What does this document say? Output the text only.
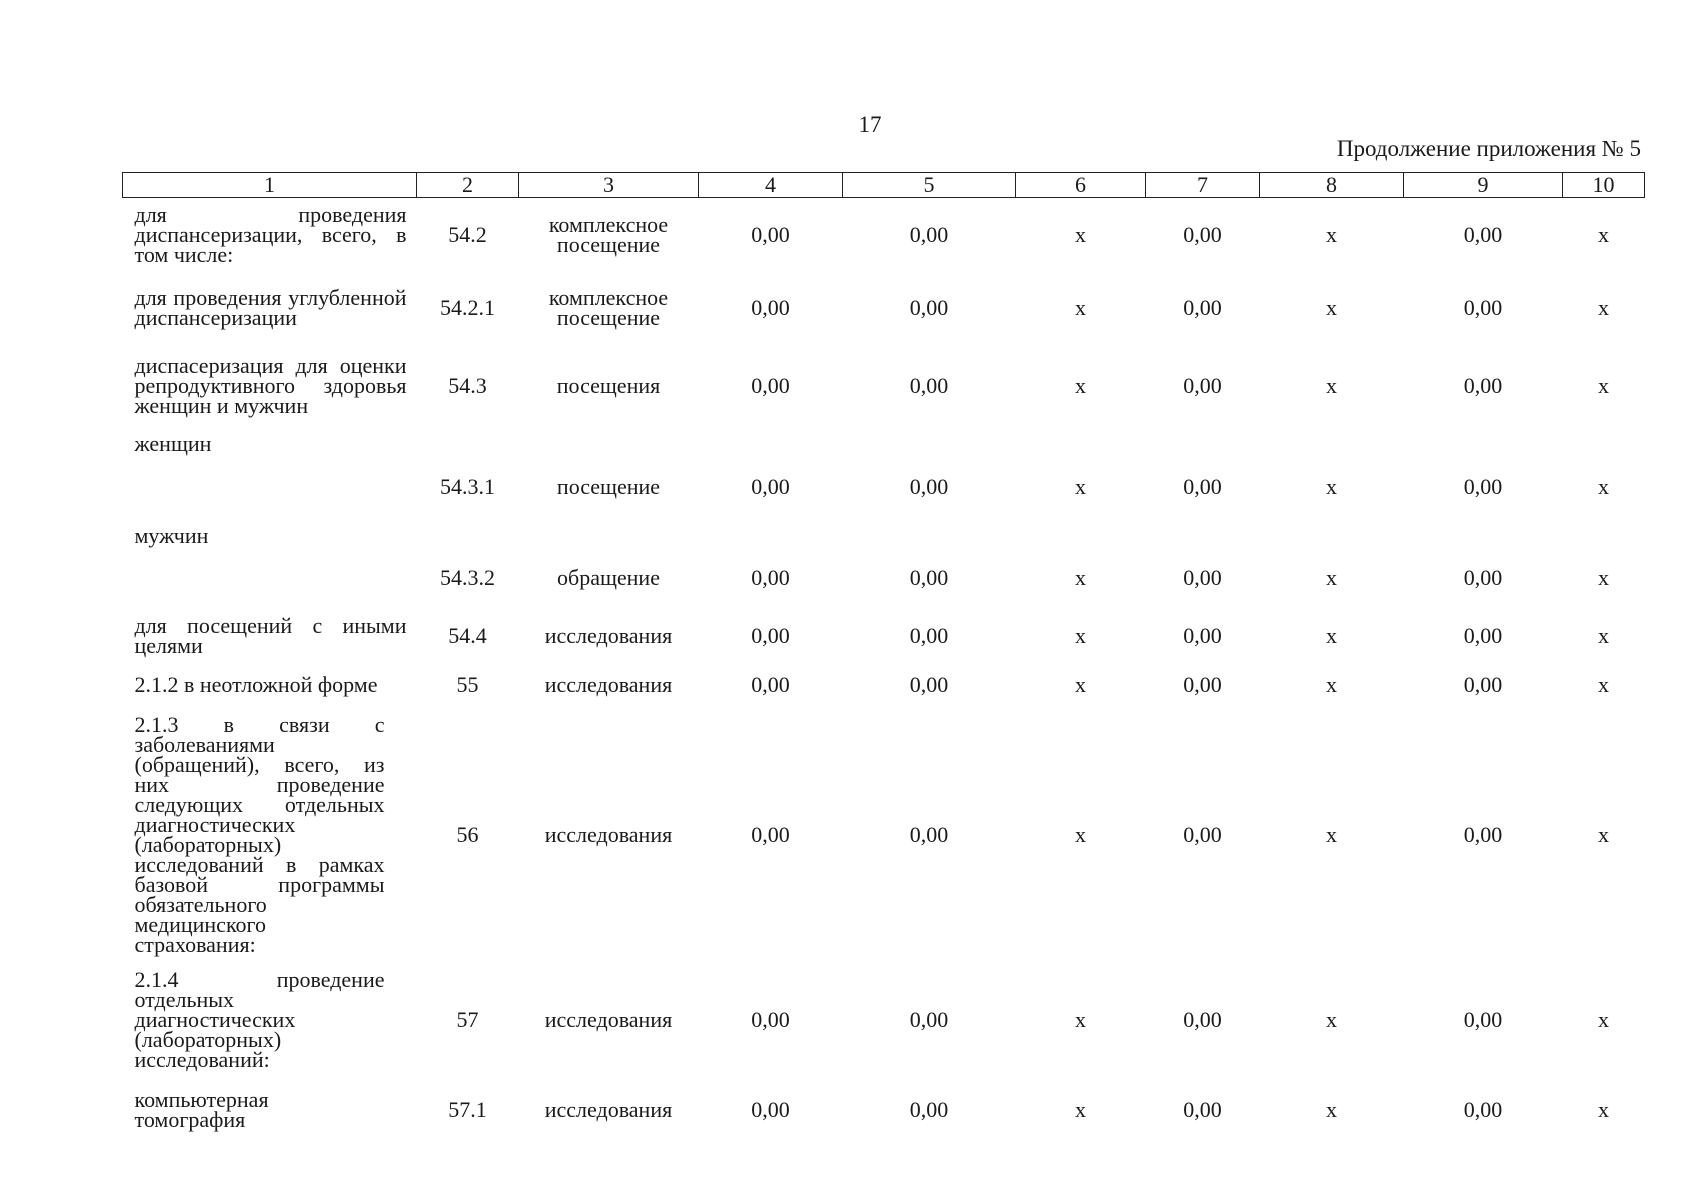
17
Продолжение приложения № 5
1	2	3	4	5	6	7	8	9	10
для проведения диспансеризации, всего, в том числе:	54.2	комплексное посещение	0,00	0,00	х	0,00	х	0,00	х
для проведения углубленной диспансеризации	54.2.1	комплексное посещение	0,00	0,00	х	0,00	х	0,00	х
диспасеризация для оценки репродуктивного здоровья женщин и мужчин	54.3	посещения	0,00	0,00	х	0,00	х	0,00	х
женщин	54.3.1	посещение	0,00	0,00	х	0,00	х	0,00	х
мужчин	54.3.2	обращение	0,00	0,00	х	0,00	х	0,00	х
для посещений с иными целями	54.4	исследования	0,00	0,00	х	0,00	х	0,00	х
2.1.2 в неотложной форме	55	исследования	0,00	0,00	х	0,00	х	0,00	х
2.1.3 в связи с заболеваниями (обращений), всего, из них проведение следующих отдельных диагностических (лабораторных) исследований в рамках базовой программы обязательного медицинского страхования:	56	исследования	0,00	0,00	х	0,00	х	0,00	х
2.1.4 проведение отдельных диагностических (лабораторных) исследований:	57	исследования	0,00	0,00	х	0,00	х	0,00	х
компьютерная томография	57.1	исследования	0,00	0,00	х	0,00	х	0,00	х
